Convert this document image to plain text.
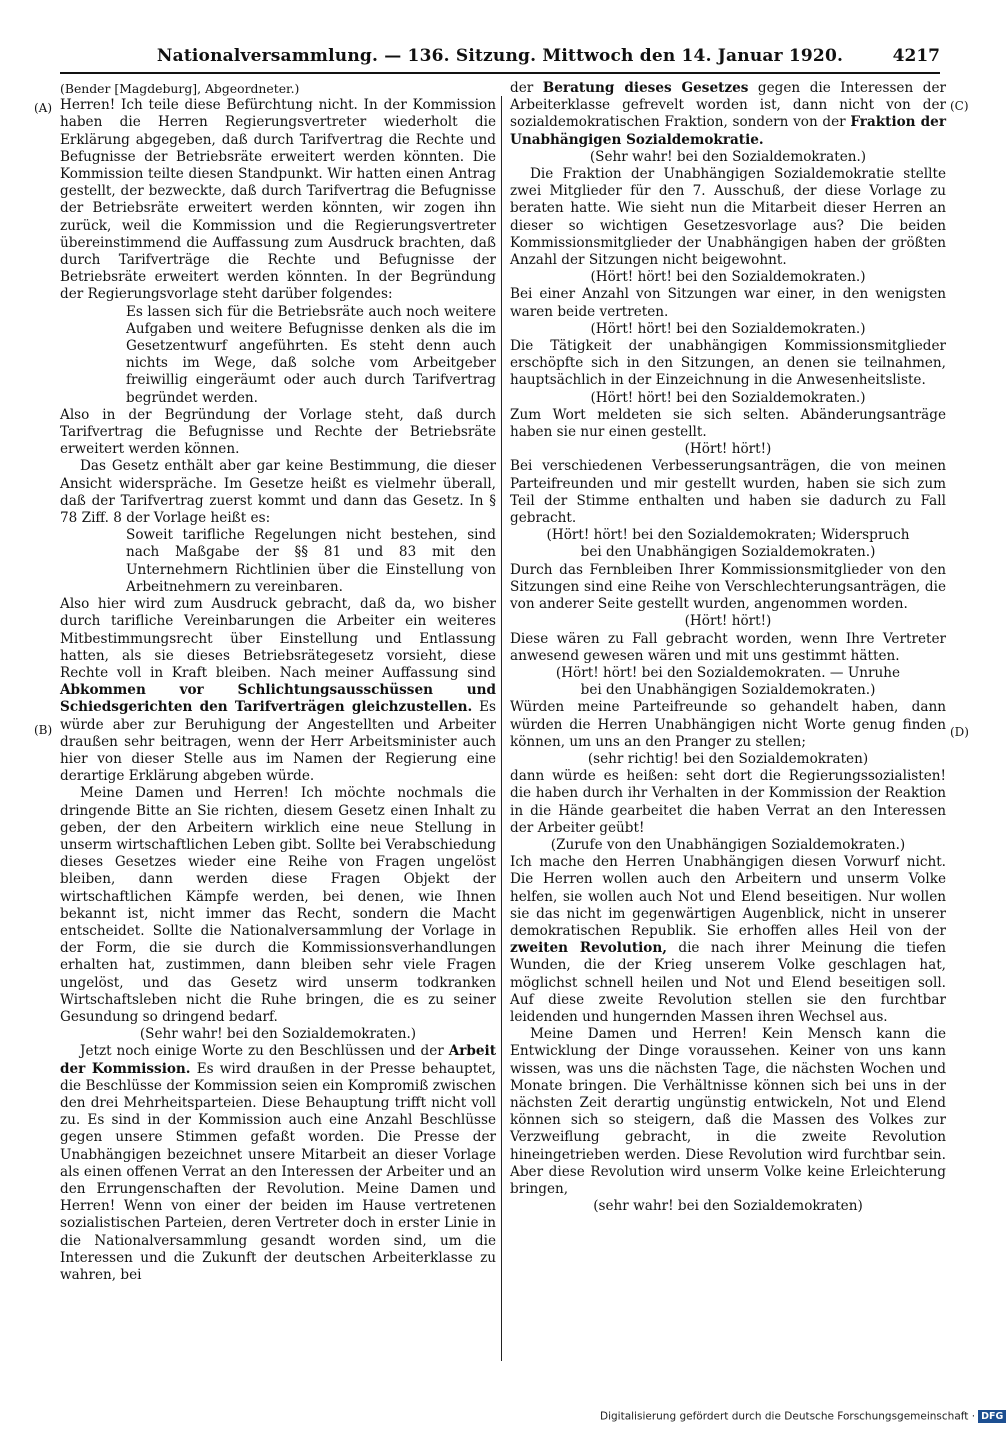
Nationalversammlung. — 136. Sitzung. Mittwoch den 14. Januar 1920.	4217
(A)
(B)
(C)
(D)

(Bender [Magdeburg], Abgeordneter.)

Herren! Ich teile diese Befürchtung nicht. In der Kommission haben die Herren Regierungsvertreter wiederholt die Erklärung abgegeben, daß durch Tarifvertrag die Rechte und Befugnisse der Betriebsräte erweitert werden könnten. Die Kommission teilte diesen Standpunkt. Wir hatten einen Antrag gestellt, der bezweckte, daß durch Tarifvertrag die Befugnisse der Betriebsräte erweitert werden könnten, wir zogen ihn zurück, weil die Kommission und die Regierungsvertreter übereinstimmend die Auffassung zum Ausdruck brachten, daß durch Tarifverträge die Rechte und Befugnisse der Betriebsräte erweitert werden könnten. In der Begründung der Regierungsvorlage steht darüber folgendes:

Es lassen sich für die Betriebsräte auch noch weitere Aufgaben und weitere Befugnisse denken als die im Gesetzentwurf angeführten. Es steht denn auch nichts im Wege, daß solche vom Arbeitgeber freiwillig eingeräumt oder auch durch Tarifvertrag begründet werden.

Also in der Begründung der Vorlage steht, daß durch Tarifvertrag die Befugnisse und Rechte der Betriebsräte erweitert werden können.

Das Gesetz enthält aber gar keine Bestimmung, die dieser Ansicht widerspräche. Im Gesetze heißt es vielmehr überall, daß der Tarifvertrag zuerst kommt und dann das Gesetz. In § 78 Ziff. 8 der Vorlage heißt es:

Soweit tarifliche Regelungen nicht bestehen, sind nach Maßgabe der §§ 81 und 83 mit den Unternehmern Richtlinien über die Einstellung von Arbeitnehmern zu vereinbaren.

Also hier wird zum Ausdruck gebracht, daß da, wo bisher durch tarifliche Vereinbarungen die Arbeiter ein weiteres Mitbestimmungsrecht über Einstellung und Entlassung hatten, als sie dieses Betriebsrätegesetz vorsieht, diese Rechte voll in Kraft bleiben. Nach meiner Auffassung sind Abkommen vor Schlichtungsausschüssen und Schiedsgerichten den Tarifverträgen gleichzustellen. Es würde aber zur Beruhigung der Angestellten und Arbeiter draußen sehr beitragen, wenn der Herr Arbeitsminister auch hier von dieser Stelle aus im Namen der Regierung eine derartige Erklärung abgeben würde.

Meine Damen und Herren! Ich möchte nochmals die dringende Bitte an Sie richten, diesem Gesetz einen Inhalt zu geben, der den Arbeitern wirklich eine neue Stellung in unserm wirtschaftlichen Leben gibt. Sollte bei Verabschiedung dieses Gesetzes wieder eine Reihe von Fragen ungelöst bleiben, dann werden diese Fragen Objekt der wirtschaftlichen Kämpfe werden, bei denen, wie Ihnen bekannt ist, nicht immer das Recht, sondern die Macht entscheidet. Sollte die Nationalversammlung der Vorlage in der Form, die sie durch die Kommissionsverhandlungen erhalten hat, zustimmen, dann bleiben sehr viele Fragen ungelöst, und das Gesetz wird unserm todkranken Wirtschaftsleben nicht die Ruhe bringen, die es zu seiner Gesundung so dringend bedarf.

(Sehr wahr! bei den Sozialdemokraten.)

Jetzt noch einige Worte zu den Beschlüssen und der Arbeit der Kommission. Es wird draußen in der Presse behauptet, die Beschlüsse der Kommission seien ein Kompromiß zwischen den drei Mehrheitsparteien. Diese Behauptung trifft nicht voll zu. Es sind in der Kommission auch eine Anzahl Beschlüsse gegen unsere Stimmen gefaßt worden. Die Presse der Unabhängigen bezeichnet unsere Mitarbeit an dieser Vorlage als einen offenen Verrat an den Interessen der Arbeiter und an den Errungenschaften der Revolution. Meine Damen und Herren! Wenn von einer der beiden im Hause vertretenen sozialistischen Parteien, deren Vertreter doch in erster Linie in die Nationalversammlung gesandt worden sind, um die Interessen und die Zukunft der deutschen Arbeiterklasse zu wahren, bei

der Beratung dieses Gesetzes gegen die Interessen der Arbeiterklasse gefrevelt worden ist, dann nicht von der sozialdemokratischen Fraktion, sondern von der Fraktion der Unabhängigen Sozialdemokratie.

(Sehr wahr! bei den Sozialdemokraten.)

Die Fraktion der Unabhängigen Sozialdemokratie stellte zwei Mitglieder für den 7. Ausschuß, der diese Vorlage zu beraten hatte. Wie sieht nun die Mitarbeit dieser Herren an dieser so wichtigen Gesetzesvorlage aus? Die beiden Kommissionsmitglieder der Unabhängigen haben der größten Anzahl der Sitzungen nicht beigewohnt.

(Hört! hört! bei den Sozialdemokraten.)

Bei einer Anzahl von Sitzungen war einer, in den wenigsten waren beide vertreten.

(Hört! hört! bei den Sozialdemokraten.)

Die Tätigkeit der unabhängigen Kommissionsmitglieder erschöpfte sich in den Sitzungen, an denen sie teilnahmen, hauptsächlich in der Einzeichnung in die Anwesenheitsliste.

(Hört! hört! bei den Sozialdemokraten.)

Zum Wort meldeten sie sich selten. Abänderungsanträge haben sie nur einen gestellt.

(Hört! hört!)

Bei verschiedenen Verbesserungsanträgen, die von meinen Parteifreunden und mir gestellt wurden, haben sie sich zum Teil der Stimme enthalten und haben sie dadurch zu Fall gebracht.

(Hört! hört! bei den Sozialdemokraten; Widerspruch

bei den Unabhängigen Sozialdemokraten.)

Durch das Fernbleiben Ihrer Kommissionsmitglieder von den Sitzungen sind eine Reihe von Verschlechterungsanträgen, die von anderer Seite gestellt wurden, angenommen worden.

(Hört! hört!)

Diese wären zu Fall gebracht worden, wenn Ihre Vertreter anwesend gewesen wären und mit uns gestimmt hätten.

(Hört! hört! bei den Sozialdemokraten. — Unruhe

bei den Unabhängigen Sozialdemokraten.)

Würden meine Parteifreunde so gehandelt haben, dann würden die Herren Unabhängigen nicht Worte genug finden können, um uns an den Pranger zu stellen;

(sehr richtig! bei den Sozialdemokraten)

dann würde es heißen: seht dort die Regierungssozialisten! die haben durch ihr Verhalten in der Kommission der Reaktion in die Hände gearbeitet die haben Verrat an den Interessen der Arbeiter geübt!

(Zurufe von den Unabhängigen Sozialdemokraten.)

Ich mache den Herren Unabhängigen diesen Vorwurf nicht. Die Herren wollen auch den Arbeitern und unserm Volke helfen, sie wollen auch Not und Elend beseitigen. Nur wollen sie das nicht im gegenwärtigen Augenblick, nicht in unserer demokratischen Republik. Sie erhoffen alles Heil von der zweiten Revolution, die nach ihrer Meinung die tiefen Wunden, die der Krieg unserem Volke geschlagen hat, möglichst schnell heilen und Not und Elend beseitigen soll. Auf diese zweite Revolution stellen sie den furchtbar leidenden und hungernden Massen ihren Wechsel aus.

Meine Damen und Herren! Kein Mensch kann die Entwicklung der Dinge voraussehen. Keiner von uns kann wissen, was uns die nächsten Tage, die nächsten Wochen und Monate bringen. Die Verhältnisse können sich bei uns in der nächsten Zeit derartig ungünstig entwickeln, Not und Elend können sich so steigern, daß die Massen des Volkes zur Verzweiflung gebracht, in die zweite Revolution hineingetrieben werden. Diese Revolution wird furchtbar sein. Aber diese Revolution wird unserm Volke keine Erleichterung bringen,

(sehr wahr! bei den Sozialdemokraten)

Digitalisierung gefördert durch die Deutsche Forschungsgemeinschaft · DFG
